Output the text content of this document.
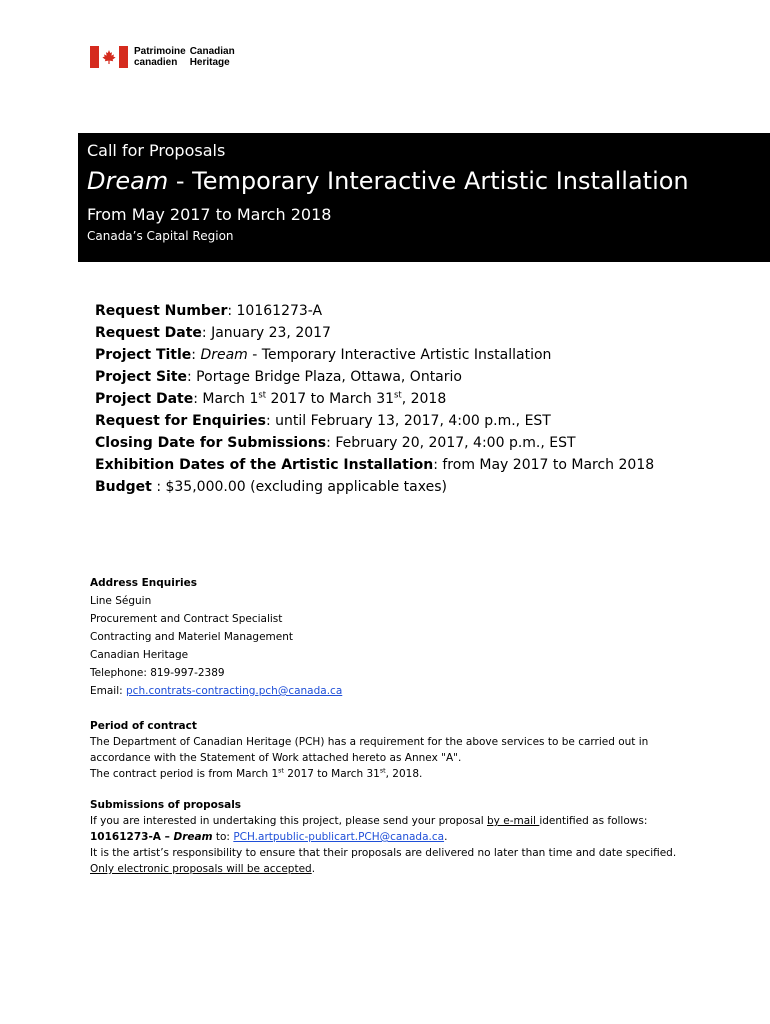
Patrimoine Canadian
canadien	Heritage
Call for Proposals
Dream - Temporary Interactive Artistic Installation
From May 2017 to March 2018
Canada’s Capital Region
Request Number: 10161273-A
Request Date: January 23, 2017
Project Title: Dream - Temporary Interactive Artistic Installation
Project Site: Portage Bridge Plaza, Ottawa, Ontario
Project Date: March 1st 2017 to March 31st, 2018
Request for Enquiries: until February 13, 2017, 4:00 p.m., EST
Closing Date for Submissions: February 20, 2017, 4:00 p.m., EST
Exhibition Dates of the Artistic Installation: from May 2017 to March 2018
Budget : $35,000.00 (excluding applicable taxes)
Address Enquiries

Line Séguin

Procurement and Contract Specialist

Contracting and Materiel Management

Canadian Heritage

Telephone: 819-997-2389

Email: pch.contrats-contracting.pch@canada.ca

Period of contract

The Department of Canadian Heritage (PCH) has a requirement for the above services to be carried out in

accordance with the Statement of Work attached hereto as Annex "A".

The contract period is from March 1st 2017 to March 31st, 2018.

Submissions of proposals

If you are interested in undertaking this project, please send your proposal by e-mail identified as follows:

10161273-A – Dream to: PCH.artpublic-publicart.PCH@canada.ca.

It is the artist’s responsibility to ensure that their proposals are delivered no later than time and date specified.

Only electronic proposals will be accepted.
